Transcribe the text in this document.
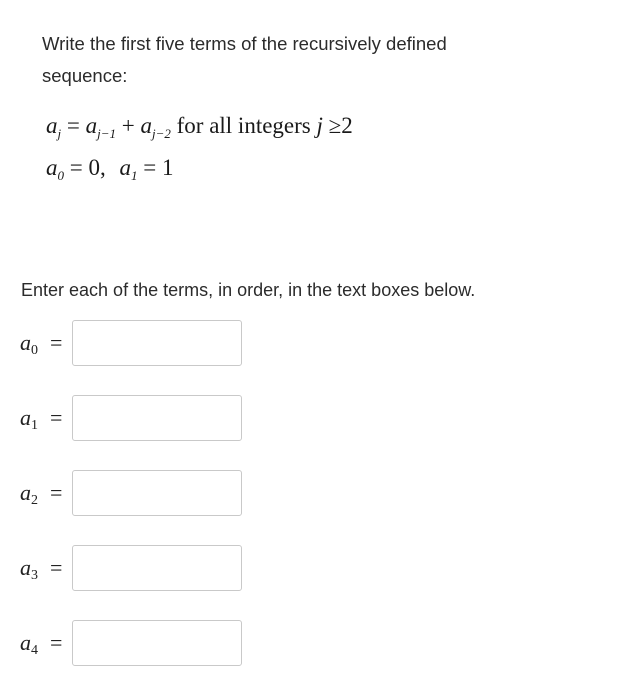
Write the first five terms of the recursively defined sequence:
$a_j = a_{j-1} + a_{j-2}$ for all integers j ≥2
$a_0 = 0$, $a_1 = 1$
Enter each of the terms, in order, in the text boxes below.
$a_0$ =
$a_1$ =
$a_2$ =
$a_3$ =
$a_4$ =
